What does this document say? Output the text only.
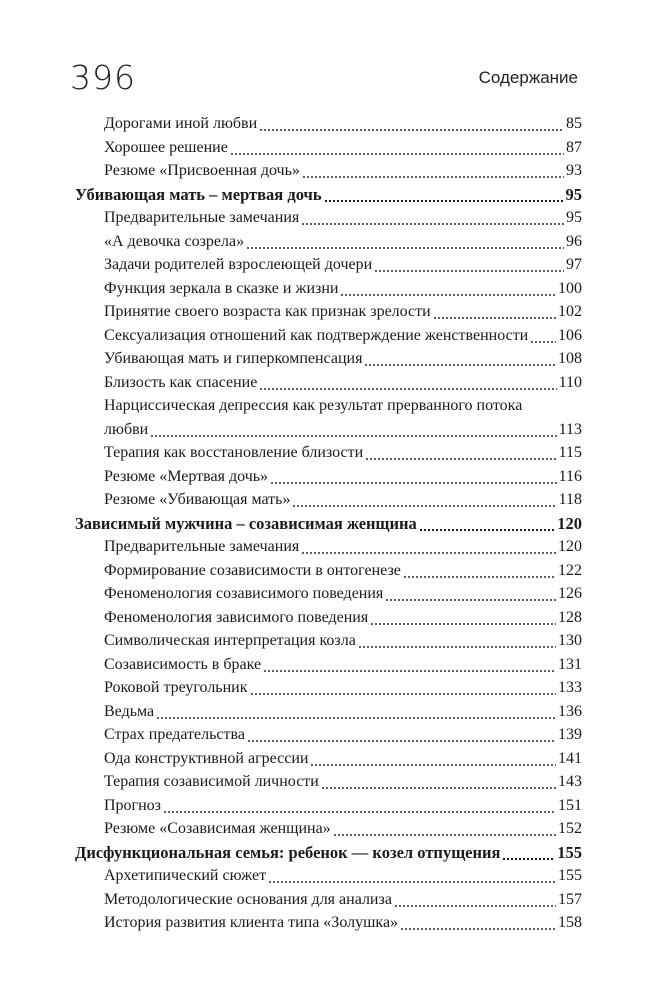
396	Содержание
Дорогами иной любви	85
Хорошее решение	87
Резюме «Присвоенная дочь»	93
Убивающая мать – мертвая дочь	95
Предварительные замечания	95
«А девочка созрела»	96
Задачи родителей взрослеющей дочери	97
Функция зеркала в сказке и жизни	100
Принятие своего возраста как признак зрелости	102
Сексуализация отношений как подтверждение женственности 106
Убивающая мать и гиперкомпенсация	108
Близость как спасение	110
Нарциссическая депрессия как результат прерванного потока
любви	113
Терапия как восстановление близости	115
Резюме «Мертвая дочь»	116
Резюме «Убивающая мать»	118
Зависимый мужчина – созависимая женщина	120
Предварительные замечания	120
Формирование созависимости в онтогенезе	122
Феноменология созависимого поведения	126
Феноменология зависимого поведения	128
Символическая интерпретация козла	130
Созависимость в браке	131
Роковой треугольник	133
Ведьма	136
Страх предательства	139
Ода конструктивной агрессии	141
Терапия созависимой личности	143
Прогноз	151
Резюме «Созависимая женщина»	152
Дисфункциональная семья: ребенок — козел отпущения	155
Архетипический сюжет	155
Методологические основания для анализа	157
История развития клиента типа «Золушка»	158
